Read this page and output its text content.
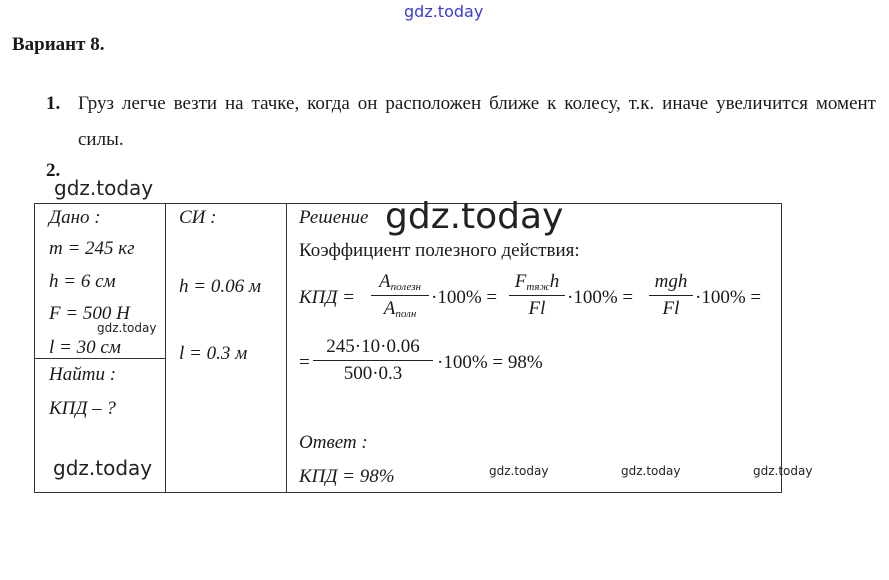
gdz.today
gdz.today
Вариант 8.
1. Груз легче везти на тачке, когда он расположен ближе к колесу, т.к. иначе увеличится момент силы.
2.
Дано :
m = 245 кг
h = 6 см
F = 500 Н
gdz.today
l = 30 см
Найти :
КПД – ?
gdz.today
СИ :
h = 0.06 м
l = 0.3 м
Решение gdz.today
Коэффициент полезного действия:
КПД =
$A_{полезн}$
$A_{полн}$
·100% =
$F_{тяж}h$
Fl
·100% =
mgh
Fl
·100% =
=
245·10·0.06
500·0.3
·100% = 98%
Ответ :
КПД = 98%	gdz.today	gdz.today	gdz.today
